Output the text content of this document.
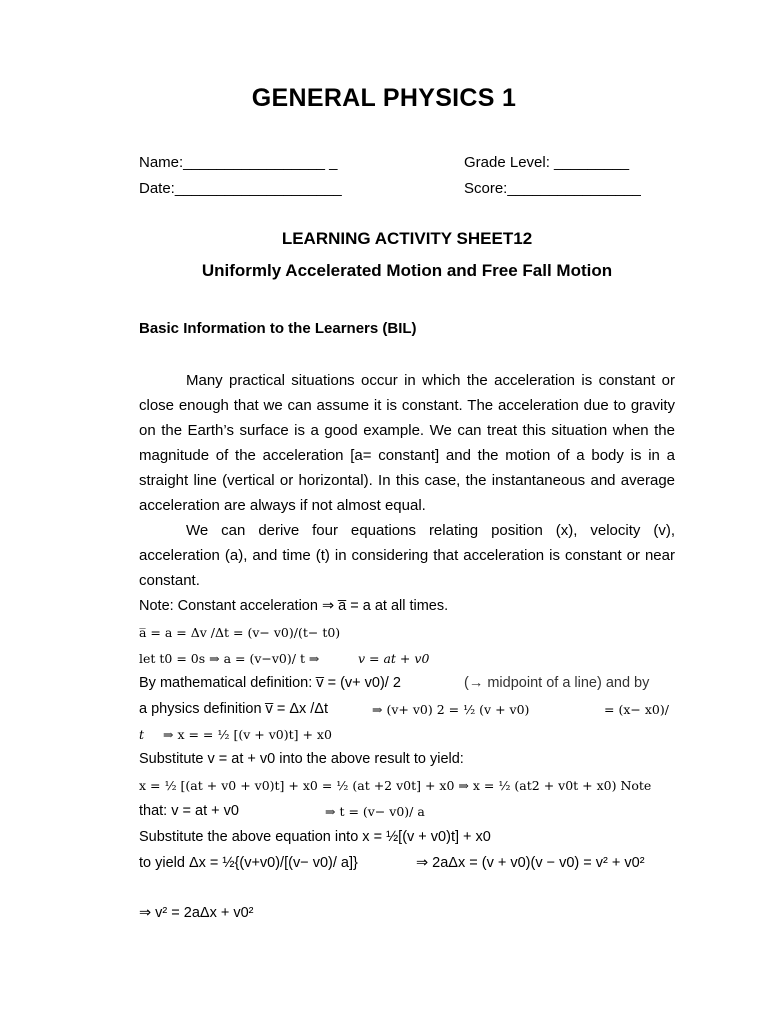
GENERAL PHYSICS 1
Name:_________________ _	Grade Level: _________
Date:____________________	Score:________________
LEARNING ACTIVITY SHEET12
Uniformly Accelerated Motion and Free Fall Motion
Basic Information to the Learners (BIL)

Many practical situations occur in which the acceleration is constant or close enough that we can assume it is constant. The acceleration due to gravity on the Earth’s surface is a good example. We can treat this situation when the magnitude of the acceleration [a= constant] and the motion of a body is in a straight line (vertical or horizontal). In this case, the instantaneous and average acceleration are always if not almost equal.

We can derive four equations relating position (x), velocity (v), acceleration (a), and time (t) in considering that acceleration is constant or near constant.

Note: Constant acceleration ⇒ a̅ = a at all times.
a̅ = a = Δv /Δt = (v− v0)/(t− t0)
let t0 = 0s ⇒ a = (v−v0)/ t ⇒	v = at + v0
By mathematical definition: v̅ = (v+ v0)/ 2	(→ midpoint of a line) and by
a physics definition v̅ = Δx /Δt	⇒ (v+ v0) 2 = ½ (v + v0)	= (x− x0)/
t ⇒ x = = ½ [(v + v0)t] + x0
Substitute v = at + v0 into the above result to yield:
x = ½ [(at + v0 + v0)t] + x0 = ½ (at +2 v0t] + x0 ⇒ x = ½ (at2 + v0t + x0) Note
that: v = at + v0	⇒ t = (v− v0)/ a
Substitute the above equation into x = ½[(v + v0)t] + x0
to yield Δx = ½{(v+v0)/[(v− v0)/ a]}	⇒ 2aΔx = (v + v0)(v − v0) = v² + v0²
⇒ v² = 2aΔx + v0²
